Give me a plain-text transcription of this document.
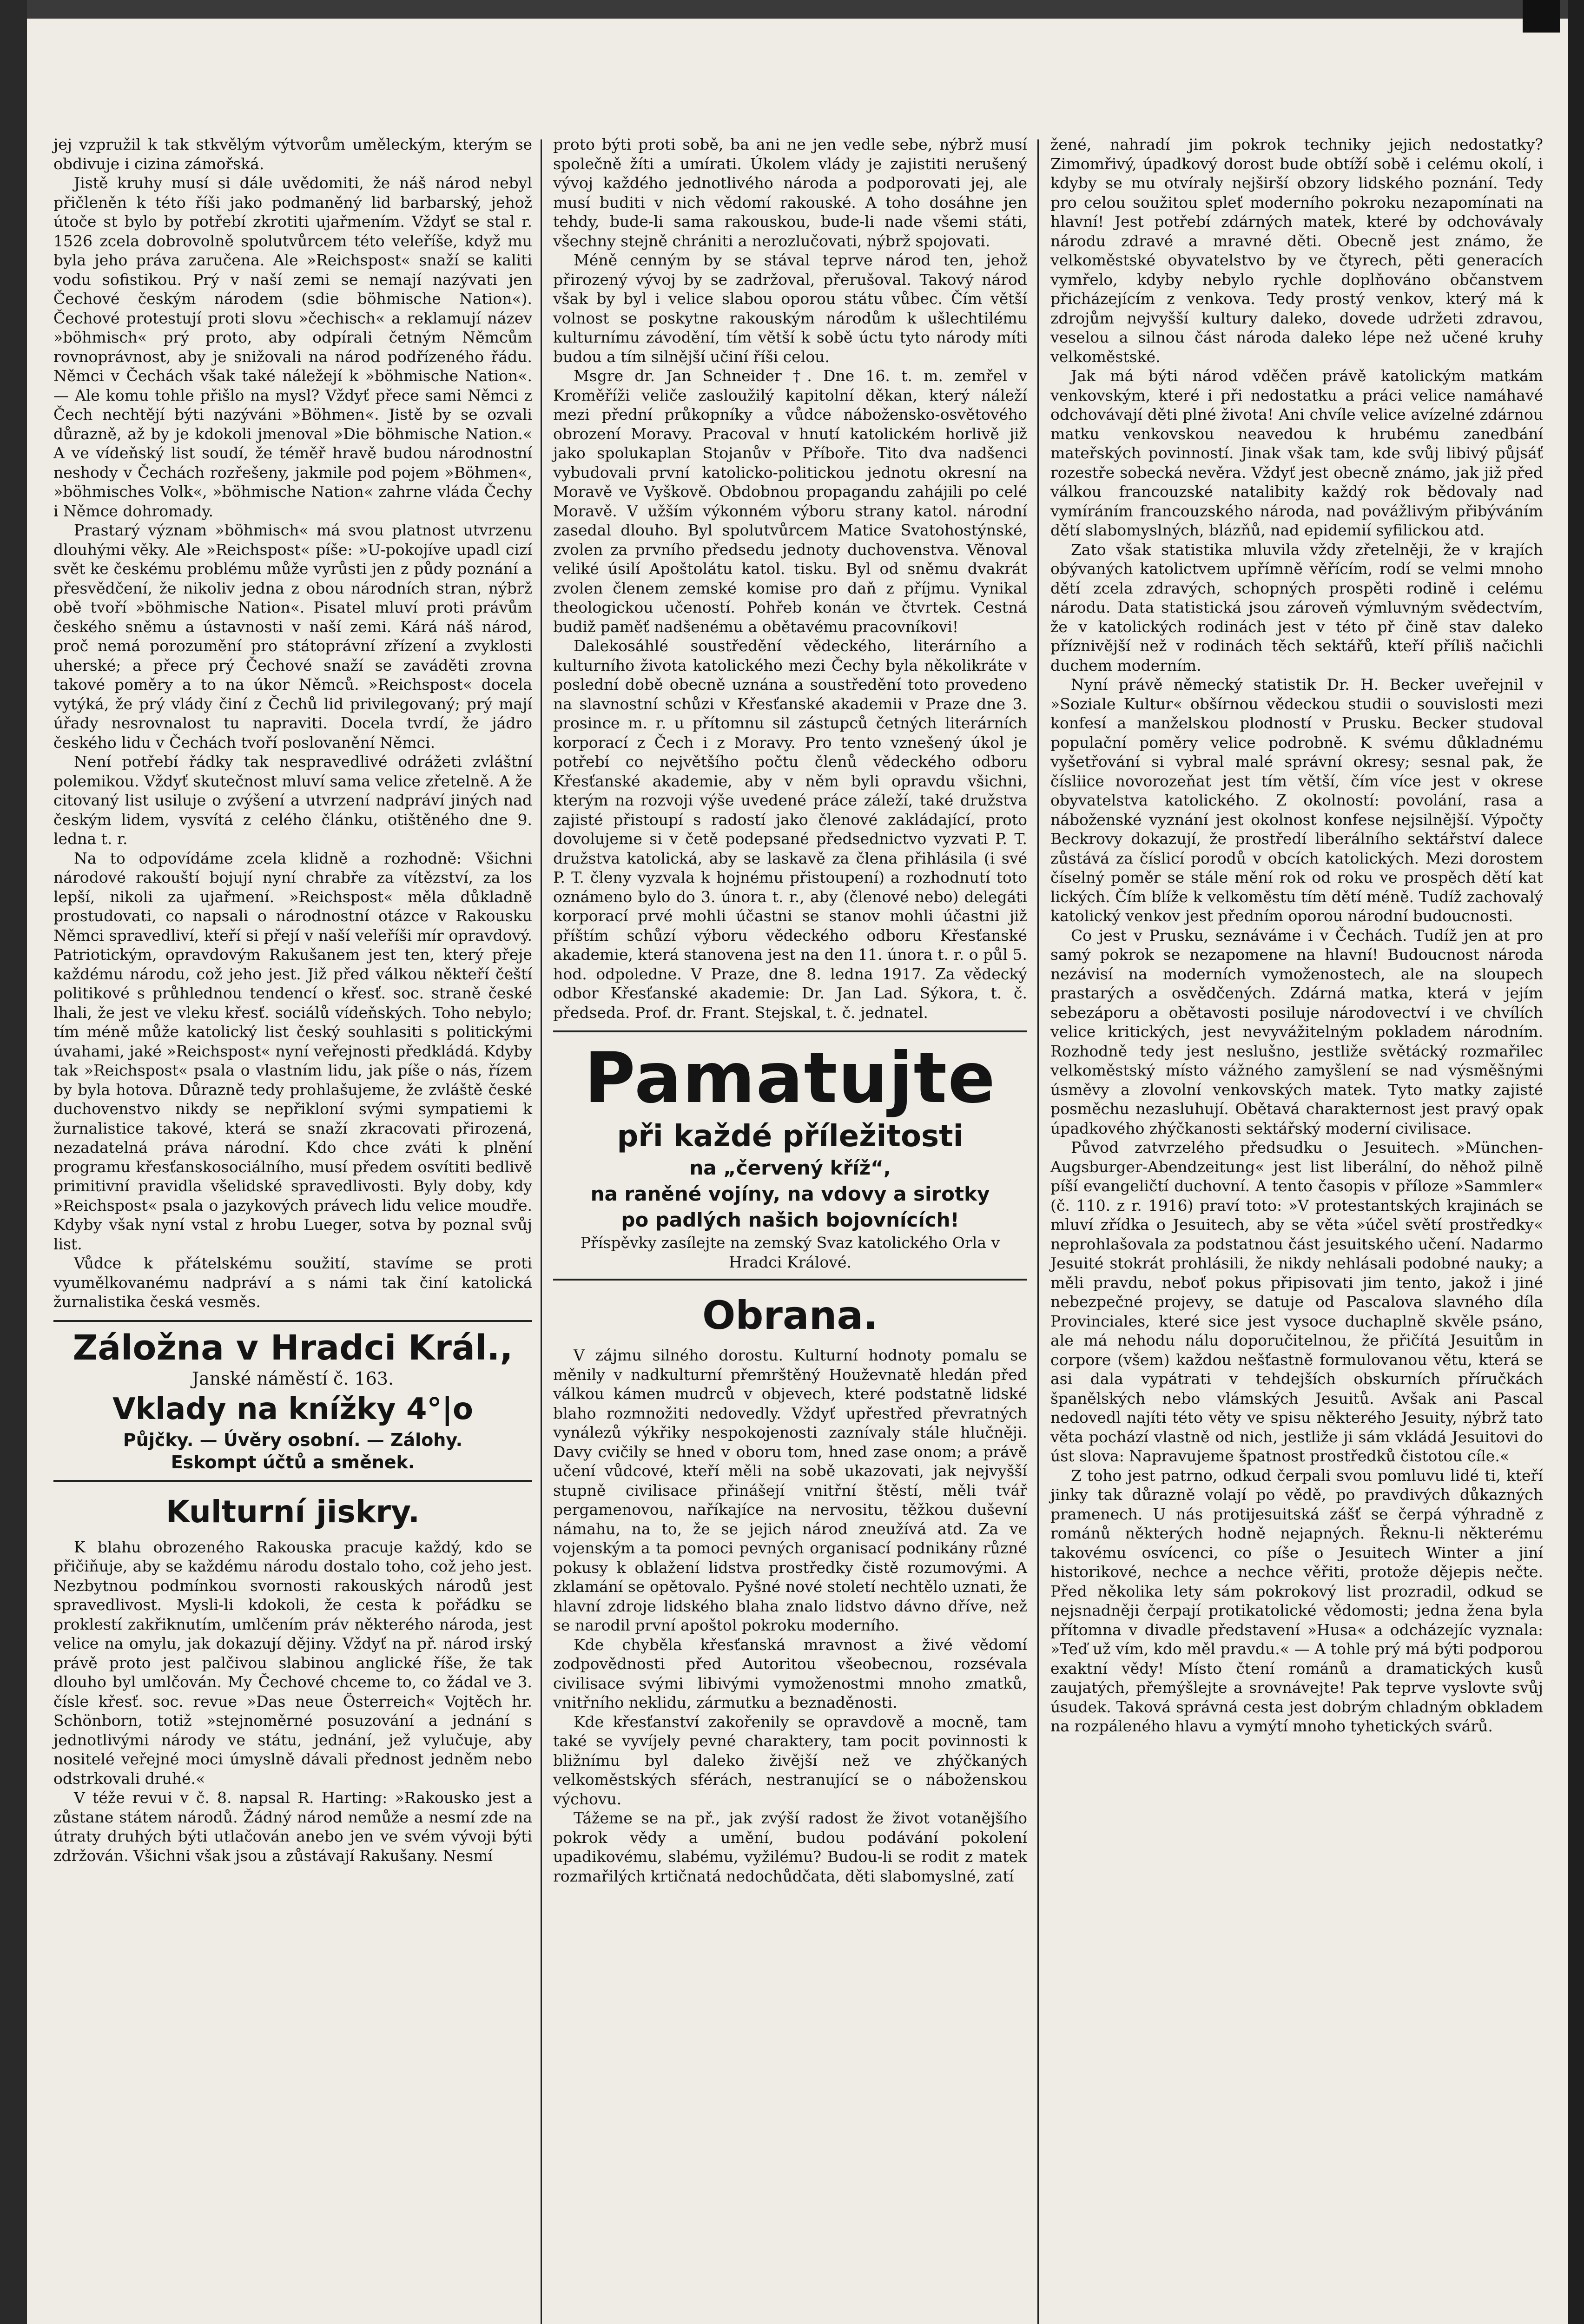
jej vzpružil k tak stkvělým výtvorům uměleckým, kterým se obdivuje i cizina zámořská.

Jistě kruhy musí si dále uvědomiti, že náš národ nebyl přičleněn k této říši jako podmaněný lid barbarský, jehož útoče st bylo by potřebí zkrotiti ujařmením. Vždyť se stal r. 1526 zcela dobrovolně spolutvůrcem této veleříše, když mu byla jeho práva zaručena. Ale »Reichspost« snaží se kaliti vodu sofistikou. Prý v naší zemi se nemají nazývati jen Čechové českým národem (sdie böhmische Nation«). Čechové protestují proti slovu »čechisch« a reklamují název »böhmisch« prý proto, aby odpírali četným Němcům rovnoprávnost, aby je snižovali na národ podřízeného řádu. Němci v Čechách však také náležejí k »böhmische Nation«. — Ale komu tohle přišlo na mysl? Vždyť přece sami Němci z Čech nechtějí býti nazýváni »Böhmen«. Jistě by se ozvali důrazně, až by je kdokoli jmenoval »Die böhmische Nation.« A ve vídeňský list soudí, že téměř hravě budou národnostní neshody v Čechách rozřešeny, jakmile pod pojem »Böhmen«, »böhmisches Volk«, »böhmische Nation« zahrne vláda Čechy i Němce dohromady.

Prastarý význam »böhmisch« má svou platnost utvrzenu dlouhými věky. Ale »Reichspost« píše: »U-pokojíve upadl cizí svět ke českému problému může vyrůsti jen z půdy poznání a přesvědčení, že nikoliv jedna z obou národních stran, nýbrž obě tvoří »böhmische Nation«. Pisatel mluví proti právům českého sněmu a ústavnosti v naší zemi. Kárá náš národ, proč nemá porozumění pro státoprávní zřízení a zvyklosti uherské; a přece prý Čechové snaží se zaváděti zrovna takové poměry a to na úkor Němců. »Reichspost« docela vytýká, že prý vlády činí z Čechů lid privilegovaný; prý mají úřady nesrovnalost tu napraviti. Docela tvrdí, že jádro českého lidu v Čechách tvoří poslovanění Němci.

Není potřebí řádky tak nespravedlivé odrážeti zvláštní polemikou. Vždyť skutečnost mluví sama velice zřetelně. A že citovaný list usiluje o zvýšení a utvrzení nadpráví jiných nad českým lidem, vysvítá z celého článku, otištěného dne 9. ledna t. r.

Na to odpovídáme zcela klidně a rozhodně: Všichni národové rakouští bojují nyní chrabře za vítězství, za los lepší, nikoli za ujařmení. »Reichspost« měla důkladně prostudovati, co napsali o národnostní otázce v Rakousku Němci spravedliví, kteří si přejí v naší veleříši mír opravdový. Patriotickým, opravdovým Rakušanem jest ten, který přeje každému národu, což jeho jest. Již před válkou někteří čeští politikové s průhlednou tendencí o křesť. soc. straně české lhali, že jest ve vleku křesť. sociálů vídeňských. Toho nebylo; tím méně může katolický list český souhlasiti s politickými úvahami, jaké »Reichspost« nyní veřejnosti předkládá. Kdyby tak »Reichspost« psala o vlastním lidu, jak píše o nás, řízem by byla hotova. Důrazně tedy prohlašujeme, že zvláště české duchovenstvo nikdy se nepřikloní svými sympatiemi k žurnalistice takové, která se snaží zkracovati přirozená, nezadatelná práva národní. Kdo chce zváti k plnění programu křesťanskosociálního, musí předem osvítiti bedlivě primitivní pravidla všelidské spravedlivosti. Byly doby, kdy »Reichspost« psala o jazykových právech lidu velice moudře. Kdyby však nyní vstal z hrobu Lueger, sotva by poznal svůj list.

Vůdce k přátelskému soužití, stavíme se proti vyumělkovanému nadpráví a s námi tak činí katolická žurnalistika česká vesměs.

Záložna v Hradci Král.,
Janské náměstí č. 163.
Vklady na knížky 4°|o
Půjčky. — Úvěry osobní. — Zálohy.
Eskompt účtů a směnek.
Kulturní jiskry.

K blahu obrozeného Rakouska pracuje každý, kdo se přičiňuje, aby se každému národu dostalo toho, což jeho jest. Nezbytnou podmínkou svornosti rakouských národů jest spravedlivost. Mysli-li kdokoli, že cesta k pořádku se proklestí zakřiknutím, umlčením práv některého národa, jest velice na omylu, jak dokazují dějiny. Vždyť na př. národ irský právě proto jest palčivou slabinou anglické říše, že tak dlouho byl umlčován. My Čechové chceme to, co žádal ve 3. čísle křesť. soc. revue »Das neue Österreich« Vojtěch hr. Schönborn, totiž »stejnoměrné posuzování a jednání s jednotlivými národy ve státu, jednání, jež vylučuje, aby nositelé veřejné moci úmyslně dávali přednost jedněm nebo odstrkovali druhé.«

V téže revui v č. 8. napsal R. Harting: »Rakousko jest a zůstane státem národů. Žádný národ nemůže a nesmí zde na útraty druhých býti utlačován anebo jen ve svém vývoji býti zdržován. Všichni však jsou a zůstávají Rakušany. Nesmí

proto býti proti sobě, ba ani ne jen vedle sebe, nýbrž musí společně žíti a umírati. Úkolem vlády je zajistiti nerušený vývoj každého jednotlivého národa a podporovati jej, ale musí buditi v nich vědomí rakouské. A toho dosáhne jen tehdy, bude-li sama rakouskou, bude-li nade všemi státi, všechny stejně chrániti a nerozlučovati, nýbrž spojovati.

Méně cenným by se stával teprve národ ten, jehož přirozený vývoj by se zadržoval, přerušoval. Takový národ však by byl i velice slabou oporou státu vůbec. Čím větší volnost se poskytne rakouským národům k ušlechtilému kulturnímu závodění, tím větší k sobě úctu tyto národy míti budou a tím silnější učiní říši celou.

Msgre dr. Jan Schneider †. Dne 16. t. m. zemřel v Kroměříži veliče zasloužilý kapitolní děkan, který náleží mezi přední průkopníky a vůdce nábožensko-osvětového obrození Moravy. Pracoval v hnutí katolickém horlivě již jako spolukaplan Stojanův v Příboře. Tito dva nadšenci vybudovali první katolicko-politickou jednotu okresní na Moravě ve Vyškově. Obdobnou propagandu zahájili po celé Moravě. V užším výkonném výboru strany katol. národní zasedal dlouho. Byl spolutvůrcem Matice Svatohostýnské, zvolen za prvního předsedu jednoty duchovenstva. Věnoval veliké úsilí Apoštolátu katol. tisku. Byl od sněmu dvakrát zvolen členem zemské komise pro daň z příjmu. Vynikal theologickou učeností. Pohřeb konán ve čtvrtek. Cestná budiž paměť nadšenému a obětavému pracovníkovi!

Dalekosáhlé soustředění vědeckého, literárního a kulturního života katolického mezi Čechy byla několikráte v poslední době obecně uznána a soustředění toto provedeno na slavnostní schůzi v Křesťanské akademii v Praze dne 3. prosince m. r. u přítomnu sil zástupců četných literárních korporací z Čech i z Moravy. Pro tento vznešený úkol je potřebí co největšího počtu členů vědeckého odboru Křesťanské akademie, aby v něm byli opravdu všichni, kterým na rozvoji výše uvedené práce záleží, také družstva zajisté přistoupí s radostí jako členové zakládající, proto dovolujeme si v četě podepsané předsednictvo vyzvati P. T. družstva katolická, aby se laskavě za člena přihlásila (i své P. T. členy vyzvala k hojnému přistoupení) a rozhodnutí toto oznámeno bylo do 3. února t. r., aby (členové nebo) delegáti korporací prvé mohli účastni se stanov mohli účastni již příštím schůzí výboru vědeckého odboru Křesťanské akademie, která stanovena jest na den 11. února t. r. o půl 5. hod. odpoledne. V Praze, dne 8. ledna 1917. Za vědecký odbor Křesťanské akademie: Dr. Jan Lad. Sýkora, t. č. předseda. Prof. dr. Frant. Stejskal, t. č. jednatel.

Pamatujte
při každé příležitosti
na „červený kříž“,
na raněné vojíny, na vdovy a sirotky
po padlých našich bojovnících!
Příspěvky zasílejte na zemský Svaz katolického Orla v Hradci Králové.
Obrana.

V zájmu silného dorostu. Kulturní hodnoty pomalu se měnily v nadkulturní přemrštěný Houževnatě hledán před válkou kámen mudrců v objevech, které podstatně lidské blaho rozmnožiti nedovedly. Vždyť upřestřed převratných vynálezů výkřiky nespokojenosti zaznívaly stále hlučněji. Davy cvičily se hned v oboru tom, hned zase onom; a právě učení vůdcové, kteří měli na sobě ukazovati, jak nejvyšší stupně civilisace přinášejí vnitřní štěstí, měli tvář pergamenovou, naříkajíce na nervositu, těžkou duševní námahu, na to, že se jejich národ zneužívá atd. Za ve vojenským a ta pomoci pevných organisací podnikány různé pokusy k oblažení lidstva prostředky čistě rozumovými. A zklamání se opětovalo. Pyšné nové století nechtělo uznati, že hlavní zdroje lidského blaha znalo lidstvo dávno dříve, než se narodil první apoštol pokroku moderního.

Kde chyběla křesťanská mravnost a živé vědomí zodpovědnosti před Autoritou všeobecnou, rozsévala civilisace svými libivými vymoženostmi mnoho zmatků, vnitřního neklidu, zármutku a beznaděnosti.

Kde křesťanství zakořenily se opravdově a mocně, tam také se vyvíjely pevné charaktery, tam pocit povinnosti k bližnímu byl daleko živější než ve zhýčkaných velkoměstských sférách, nestranující se o náboženskou výchovu.

Tážeme se na př., jak zvýší radost že život votanějšího pokrok vědy a umění, budou podávání pokolení upadikovému, slabému, vyžilému? Budou-li se rodit z matek rozmařilých krtičnatá nedochůdčata, děti slabomyslné, zatí

žené, nahradí jim pokrok techniky jejich nedostatky? Zimomřivý, úpadkový dorost bude obtíží sobě i celému okolí, i kdyby se mu otvíraly nejširší obzory lidského poznání. Tedy pro celou soužitou spleť moderního pokroku nezapomínati na hlavní! Jest potřebí zdárných matek, které by odchovávaly národu zdravé a mravné děti. Obecně jest známo, že velkoměstské obyvatelstvo by ve čtyrech, pěti generacích vymřelo, kdyby nebylo rychle doplňováno občanstvem přicházejícím z venkova. Tedy prostý venkov, který má k zdrojům nejvyšší kultury daleko, dovede udržeti zdravou, veselou a silnou část národa daleko lépe než učené kruhy velkoměstské.

Jak má býti národ vděčen právě katolickým matkám venkovským, které i při nedostatku a práci velice namáhavé odchovávají děti plné života! Ani chvíle velice avízelné zdárnou matku venkovskou neavedou k hrubému zanedbání mateřských povinností. Jinak však tam, kde svůj libivý půjsáť rozestře sobecká nevěra. Vždyť jest obecně známo, jak již před válkou francouzské natalibity každý rok bědovaly nad vymíráním francouzského národa, nad povážlivým přibýváním dětí slabomyslných, blázňů, nad epidemií syfilickou atd.

Zato však statistika mluvila vždy zřetelněji, že v krajích obývaných katolictvem upřímně věřícím, rodí se velmi mnoho dětí zcela zdravých, schopných prospěti rodině i celému národu. Data statistická jsou zároveň výmluvným svědectvím, že v katolických rodinách jest v této př čině stav daleko příznivější než v rodinách těch sektářů, kteří příliš načichli duchem moderním.

Nyní právě německý statistik Dr. H. Becker uveřejnil v »Soziale Kultur« obšírnou vědeckou studii o souvislosti mezi konfesí a manželskou plodností v Prusku. Becker studoval populační poměry velice podrobně. K svému důkladnému vyšetřování si vybral malé správní okresy; sesnal pak, že čísliice novorozeňat jest tím větší, čím více jest v okrese obyvatelstva katolického. Z okolností: povolání, rasa a náboženské vyznání jest okolnost konfese nejsilnější. Výpočty Beckrovy dokazují, že prostředí liberálního sektářství dalece zůstává za číslicí porodů v obcích katolických. Mezi dorostem číselný poměr se stále mění rok od roku ve prospěch dětí kat lických. Čím blíže k velkoměstu tím dětí méně. Tudíž zachovalý katolický venkov jest předním oporou národní budoucnosti.

Co jest v Prusku, seznáváme i v Čechách. Tudíž jen at pro samý pokrok se nezapomene na hlavní! Budoucnost národa nezávisí na moderních vymoženostech, ale na sloupech prastarých a osvědčených. Zdárná matka, která v jejím sebezáporu a obětavosti posiluje národovectví i ve chvílích velice kritických, jest nevyvážitelným pokladem národním. Rozhodně tedy jest neslušno, jestliže světácký rozmařilec velkoměstský místo vážného zamyšlení se nad výsměšnými úsměvy a zlovolní venkovských matek. Tyto matky zajisté posměchu nezasluhují. Obětavá charakternost jest pravý opak úpadkového zhýčkanosti sektářský moderní civilisace.

Původ zatvrzelého předsudku o Jesuitech. »München-Augsburger-Abendzeitung« jest list liberální, do něhož pilně píší evangeličtí duchovní. A tento časopis v příloze »Sammler« (č. 110. z r. 1916) praví toto: »V protestantských krajinách se mluví zřídka o Jesuitech, aby se věta »účel světí prostředky« neprohlašovala za podstatnou část jesuitského učení. Nadarmo Jesuité stokrát prohlásili, že nikdy nehlásali podobné nauky; a měli pravdu, neboť pokus připisovati jim tento, jakož i jiné nebezpečné projevy, se datuje od Pascalova slavného díla Provinciales, které sice jest vysoce duchaplně skvěle psáno, ale má nehodu nálu doporučitelnou, že přičítá Jesuitům in corpore (všem) každou nešťastně formulovanou větu, která se asi dala vypátrati v tehdejších obskurních příručkách španělských nebo vlámských Jesuitů. Avšak ani Pascal nedovedl najíti této věty ve spisu některého Jesuity, nýbrž tato věta pochází vlastně od nich, jestliže ji sám vkládá Jesuitovi do úst slova: Napravujeme špatnost prostředků čistotou cíle.«

Z toho jest patrno, odkud čerpali svou pomluvu lidé ti, kteří jinky tak důrazně volají po vědě, po pravdivých důkazných pramenech. U nás protijesuitská zášť se čerpá výhradně z románů některých hodně nejapných. Řeknu-li některému takovému osvícenci, co píše o Jesuitech Winter a jiní historikové, nechce a nechce věřiti, protože dějepis nečte. Před několika lety sám pokrokový list prozradil, odkud se nejsnadněji čerpají protikatolické vědomosti; jedna žena byla přítomna v divadle představení »Husa« a odcházejíc vyznala: »Teď už vím, kdo měl pravdu.« — A tohle prý má býti podporou exaktní vědy! Místo čtení románů a dramatických kusů zaujatých, přemýšlejte a srovnávejte! Pak teprve vyslovte svůj úsudek. Taková správná cesta jest dobrým chladným obkladem na rozpáleného hlavu a vymýtí mnoho tyhetických svárů.
